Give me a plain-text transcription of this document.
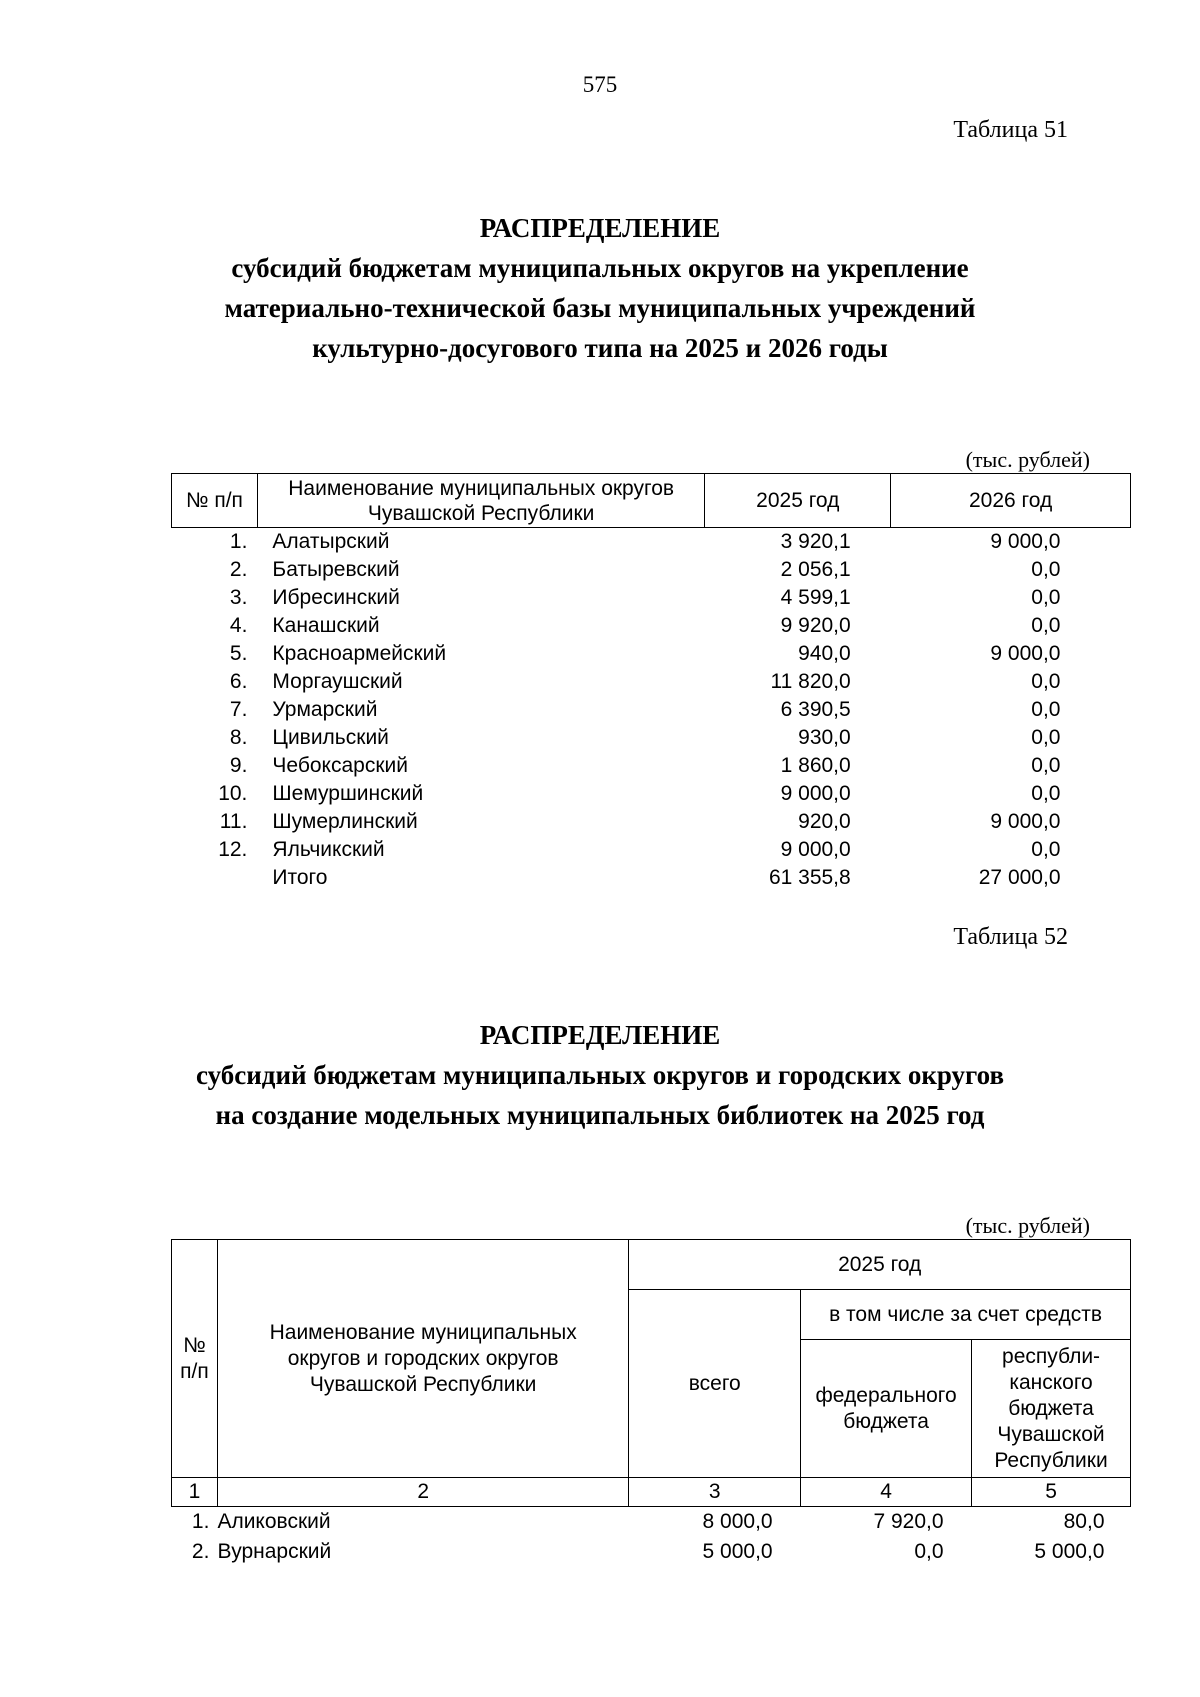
575
Таблица 51
РАСПРЕДЕЛЕНИЕ
субсидий бюджетам муниципальных округов на укрепление
материально-технической базы муниципальных учреждений
культурно-досугового типа на 2025 и 2026 годы
(тыс. рублей)
№ п/п	Наименование муниципальных округов Чувашской Республики	2025 год	2026 год
1.	Алатырский	3 920,1	9 000,0
2.	Батыревский	2 056,1	0,0
3.	Ибресинский	4 599,1	0,0
4.	Канашский	9 920,0	0,0
5.	Красноармейский	940,0	9 000,0
6.	Моргаушский	11 820,0	0,0
7.	Урмарский	6 390,5	0,0
8.	Цивильский	930,0	0,0
9.	Чебоксарский	1 860,0	0,0
10.	Шемуршинский	9 000,0	0,0
11.	Шумерлинский	920,0	9 000,0
12.	Яльчикский	9 000,0	0,0
	Итого	61 355,8	27 000,0
Таблица 52
РАСПРЕДЕЛЕНИЕ
субсидий бюджетам муниципальных округов и городских округов
на создание модельных муниципальных библиотек на 2025 год
(тыс. рублей)
№ п/п	Наименование муниципальных округов и городских округов Чувашской Республики	2025 год		
		всего	в том числе за счет средств	
			федерального бюджета	республи-канского бюджета Чувашской Республики
1	2	3	4	5
1.	Аликовский	8 000,0	7 920,0	80,0
2.	Вурнарский	5 000,0	0,0	5 000,0
